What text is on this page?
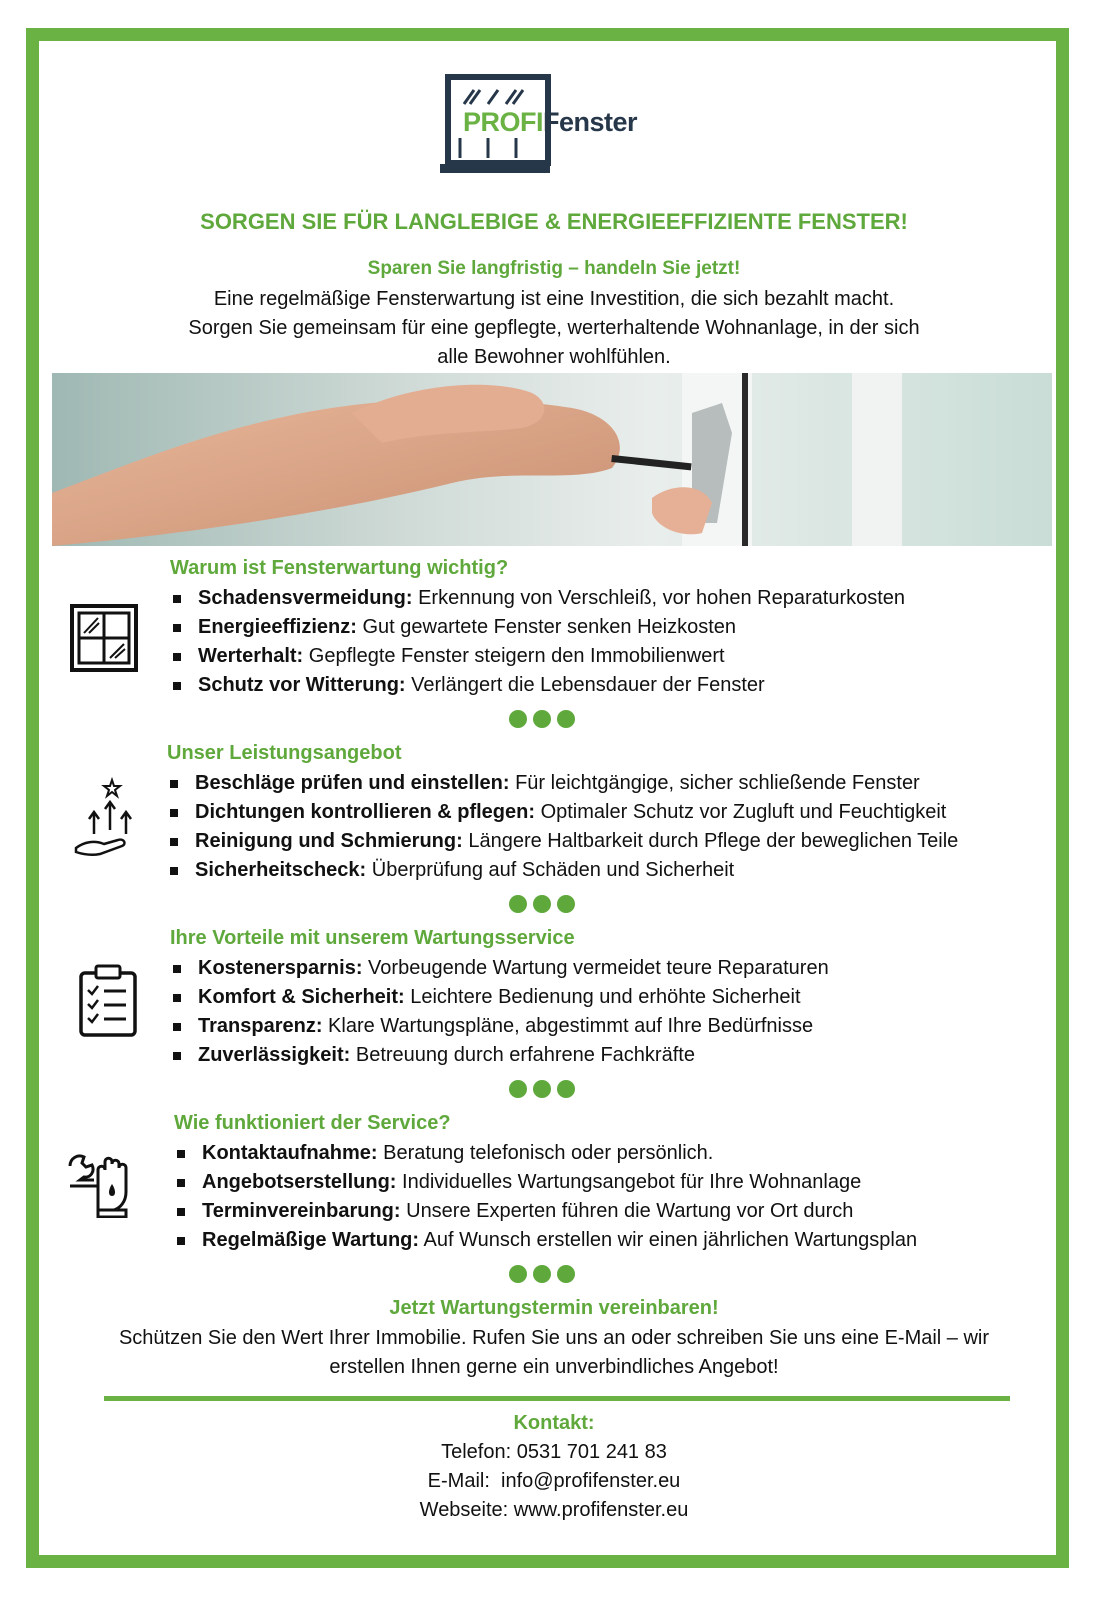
PROFIFenster
SORGEN SIE FÜR LANGLEBIGE & ENERGIEEFFIZIENTE FENSTER!
Sparen Sie langfristig – handeln Sie jetzt!
Eine regelmäßige Fensterwartung ist eine Investition, die sich bezahlt macht. Sorgen Sie gemeinsam für eine gepflegte, werterhaltende Wohnanlage, in der sich alle Bewohner wohlfühlen.
Warum ist Fensterwartung wichtig?
Schadensvermeidung: Erkennung von Verschleiß, vor hohen Reparaturkosten
Energieeffizienz: Gut gewartete Fenster senken Heizkosten
Werterhalt: Gepflegte Fenster steigern den Immobilienwert
Schutz vor Witterung: Verlängert die Lebensdauer der Fenster
Unser Leistungsangebot
Beschläge prüfen und einstellen: Für leichtgängige, sicher schließende Fenster
Dichtungen kontrollieren & pflegen: Optimaler Schutz vor Zugluft und Feuchtigkeit
Reinigung und Schmierung: Längere Haltbarkeit durch Pflege der beweglichen Teile
Sicherheitscheck: Überprüfung auf Schäden und Sicherheit
Ihre Vorteile mit unserem Wartungsservice
Kostenersparnis: Vorbeugende Wartung vermeidet teure Reparaturen
Komfort & Sicherheit: Leichtere Bedienung und erhöhte Sicherheit
Transparenz: Klare Wartungspläne, abgestimmt auf Ihre Bedürfnisse
Zuverlässigkeit: Betreuung durch erfahrene Fachkräfte
Wie funktioniert der Service?
Kontaktaufnahme: Beratung telefonisch oder persönlich.
Angebotserstellung: Individuelles Wartungsangebot für Ihre Wohnanlage
Terminvereinbarung: Unsere Experten führen die Wartung vor Ort durch
Regelmäßige Wartung: Auf Wunsch erstellen wir einen jährlichen Wartungsplan
Jetzt Wartungstermin vereinbaren!
Schützen Sie den Wert Ihrer Immobilie. Rufen Sie uns an oder schreiben Sie uns eine E-Mail – wir erstellen Ihnen gerne ein unverbindliches Angebot!
Kontakt:
Telefon: 0531 701 241 83
E-Mail:  info@profifenster.eu
Webseite: www.profifenster.eu
